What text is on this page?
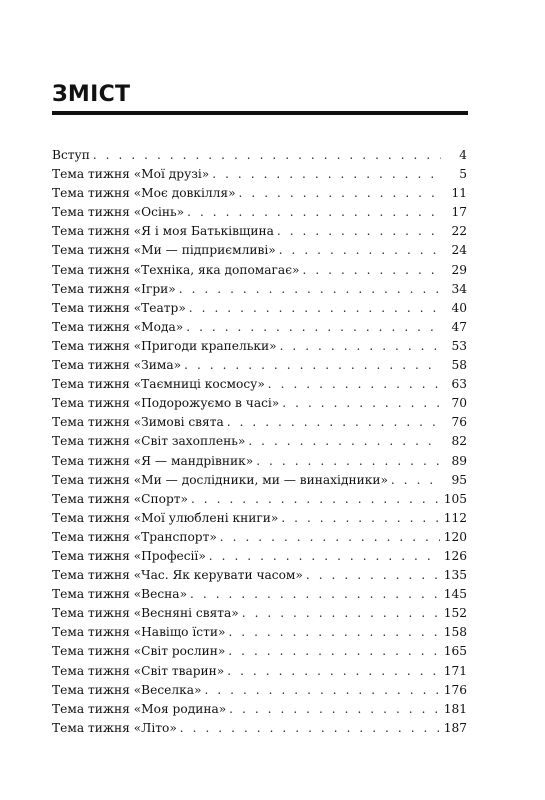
ЗМІСТ
Вступ . . .	4
Тема тижня «Мої друзі» . . .	5
Тема тижня «Моє довкілля» . . .	11
Тема тижня «Осінь» . . .	17
Тема тижня «Я і моя Батьківщина . . .	22
Тема тижня «Ми — підприємливі» . . .	24
Тема тижня «Техніка, яка допомагає» . . .	29
Тема тижня «Ігри» . . .	34
Тема тижня «Театр» . . .	40
Тема тижня «Мода» . . .	47
Тема тижня «Пригоди крапельки» . . .	53
Тема тижня «Зима» . . .	58
Тема тижня «Таємниці космосу» . . .	63
Тема тижня «Подорожуємо в часі» . . .	70
Тема тижня «Зимові свята . . .	76
Тема тижня «Світ захоплень» . . .	82
Тема тижня «Я — мандрівник» . . .	89
Тема тижня «Ми — дослідники, ми — винахідники» . . .	95
Тема тижня «Спорт» . . .	105
Тема тижня «Мої улюблені книги» . . .	112
Тема тижня «Транспорт» . . .	120
Тема тижня «Професії» . . .	126
Тема тижня «Час. Як керувати часом» . . .	135
Тема тижня «Весна» . . .	145
Тема тижня «Весняні свята» . . .	152
Тема тижня «Навіщо їсти» . . .	158
Тема тижня «Світ рослин» . . .	165
Тема тижня «Світ тварин» . . .	171
Тема тижня «Веселка» . . .	176
Тема тижня «Моя родина» . . .	181
Тема тижня «Літо» . . .	187
